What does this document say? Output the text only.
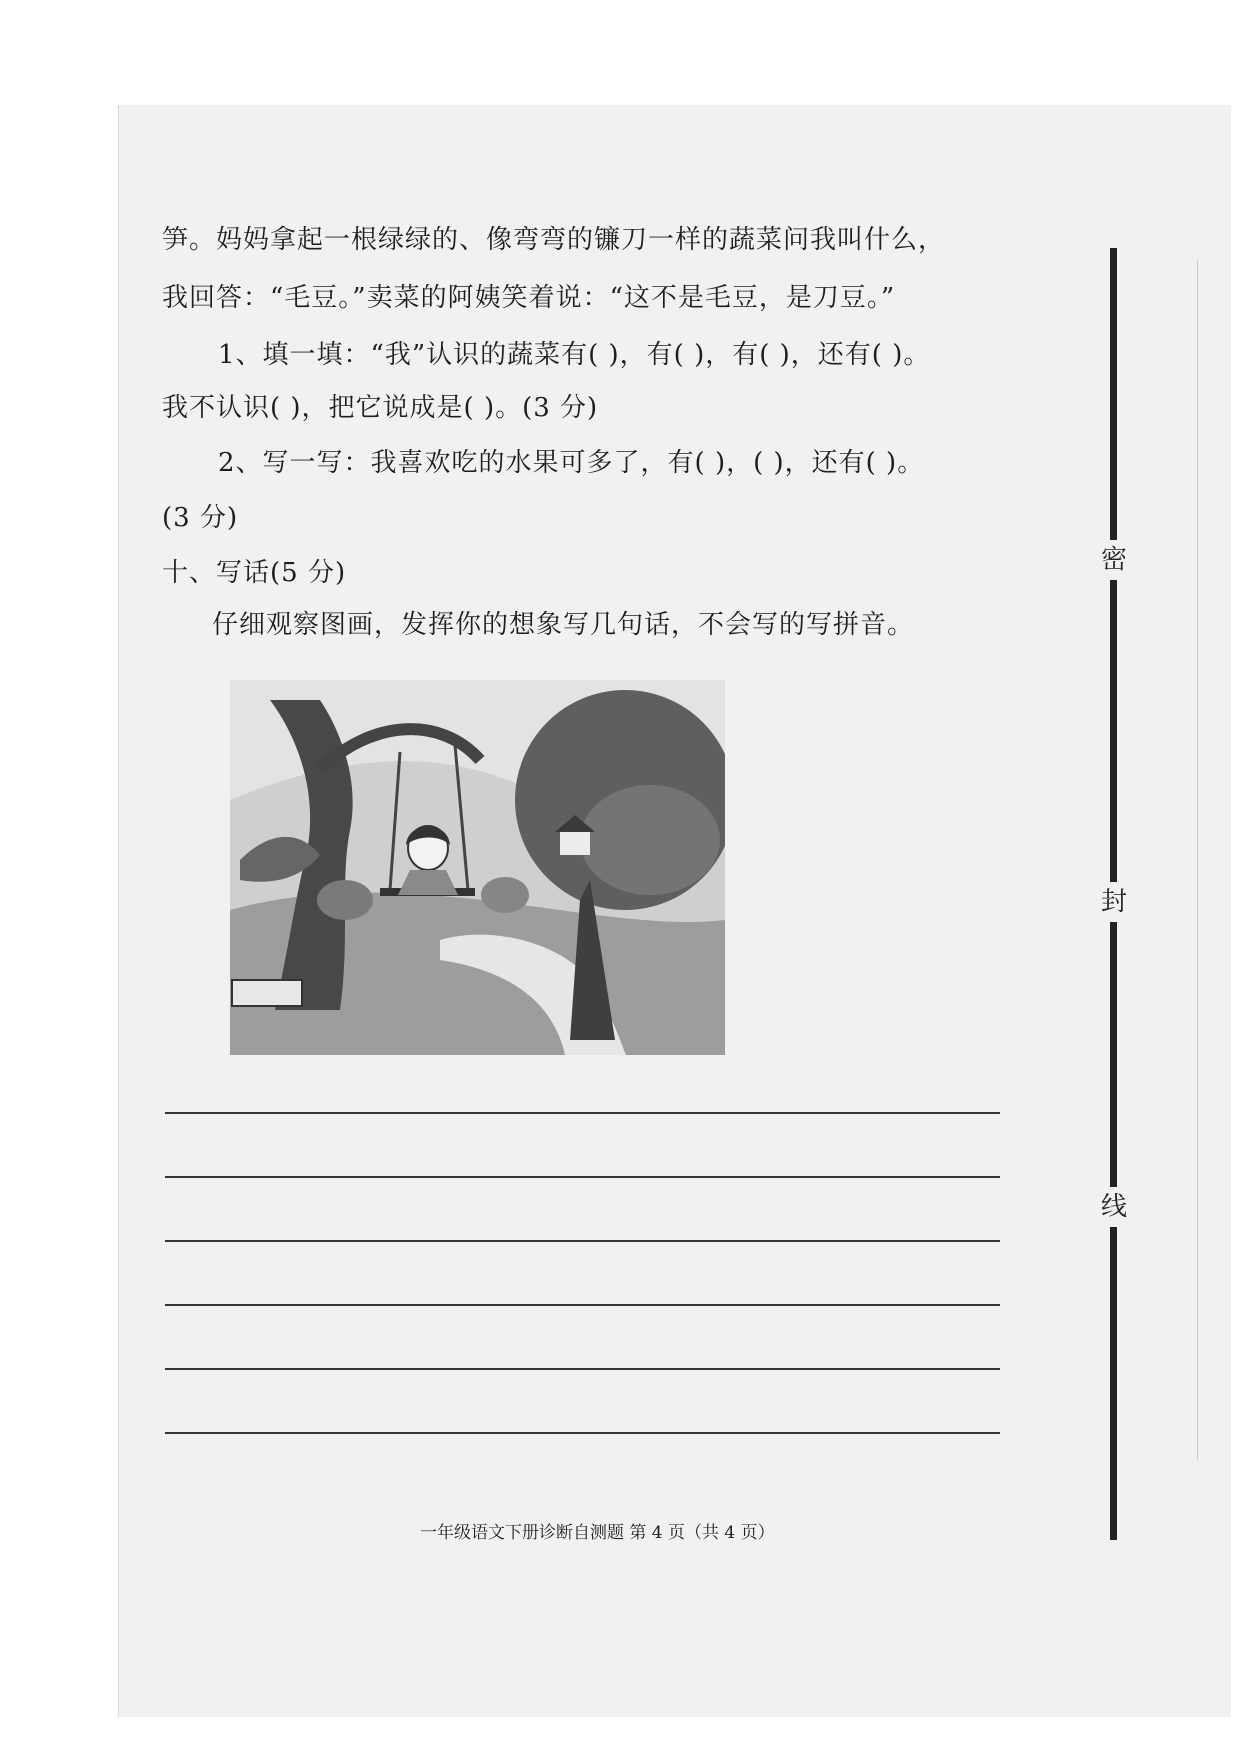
笋。妈妈拿起一根绿绿的、像弯弯的镰刀一样的蔬菜问我叫什么，
我回答：“毛豆。”卖菜的阿姨笑着说：“这不是毛豆，是刀豆。”
1、填一填：“我”认识的蔬菜有( )，有( )，有( )，还有( )。
我不认识( )，把它说成是( )。(3 分)
2、写一写：我喜欢吃的水果可多了，有( )，( )，还有( )。
(3 分)
十、写话(5 分)
仔细观察图画，发挥你的想象写几句话，不会写的写拼音。
密
封
线
一年级语文下册诊断自测题 第 4 页（共 4 页）
